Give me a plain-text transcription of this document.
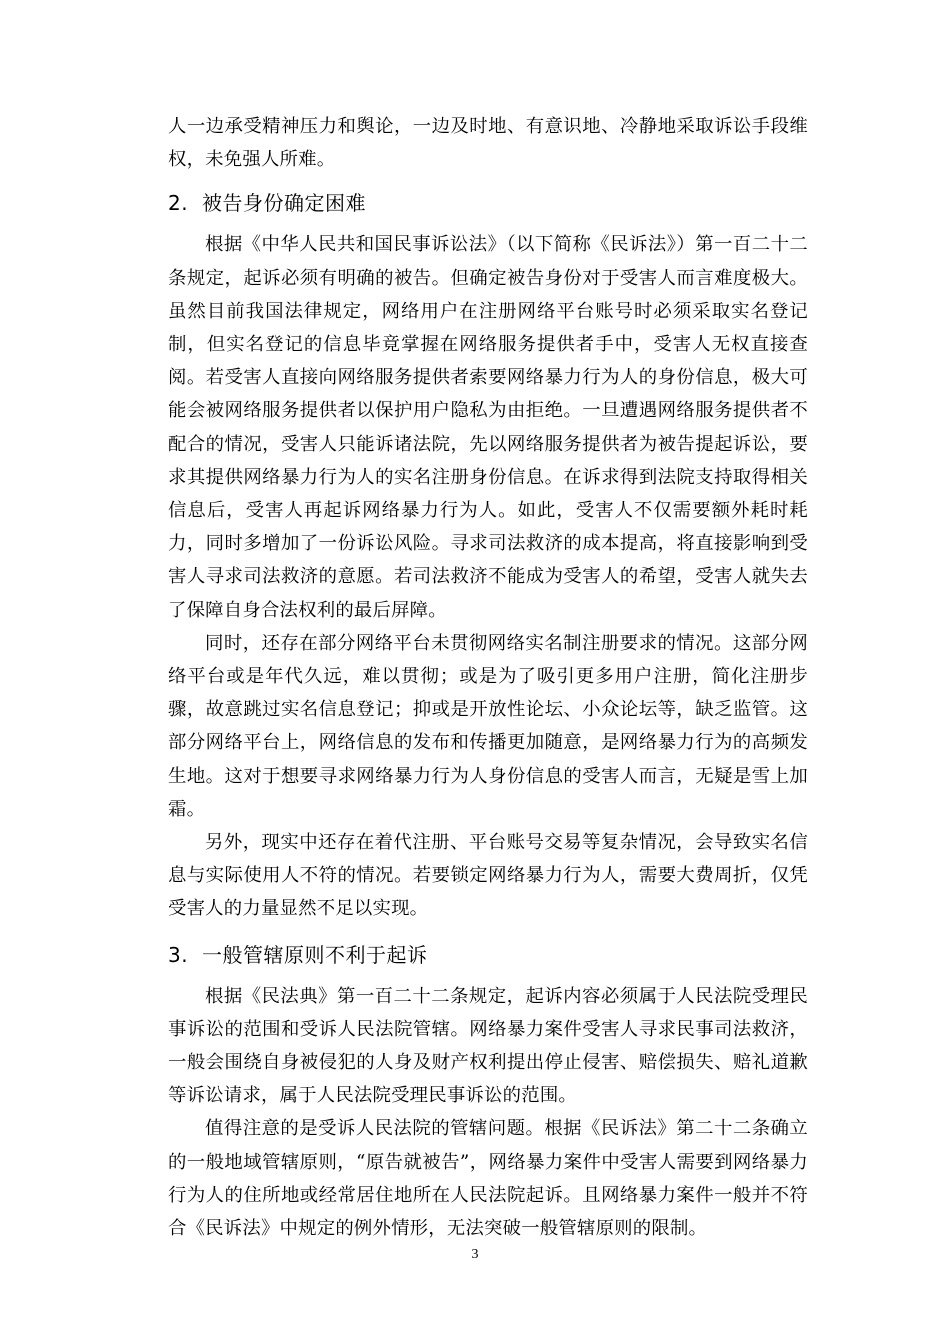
人一边承受精神压力和舆论，一边及时地、有意识地、冷静地采取诉讼手段维权，未免强人所难。

2. 被告身份确定困难

根据《中华人民共和国民事诉讼法》（以下简称《民诉法》）第一百二十二条规定，起诉必须有明确的被告。但确定被告身份对于受害人而言难度极大。虽然目前我国法律规定，网络用户在注册网络平台账号时必须采取实名登记制，但实名登记的信息毕竟掌握在网络服务提供者手中，受害人无权直接查阅。若受害人直接向网络服务提供者索要网络暴力行为人的身份信息，极大可能会被网络服务提供者以保护用户隐私为由拒绝。一旦遭遇网络服务提供者不配合的情况，受害人只能诉诸法院，先以网络服务提供者为被告提起诉讼，要求其提供网络暴力行为人的实名注册身份信息。在诉求得到法院支持取得相关信息后，受害人再起诉网络暴力行为人。如此，受害人不仅需要额外耗时耗力，同时多增加了一份诉讼风险。寻求司法救济的成本提高，将直接影响到受害人寻求司法救济的意愿。若司法救济不能成为受害人的希望，受害人就失去了保障自身合法权利的最后屏障。

同时，还存在部分网络平台未贯彻网络实名制注册要求的情况。这部分网络平台或是年代久远，难以贯彻；或是为了吸引更多用户注册，简化注册步骤，故意跳过实名信息登记；抑或是开放性论坛、小众论坛等，缺乏监管。这部分网络平台上，网络信息的发布和传播更加随意，是网络暴力行为的高频发生地。这对于想要寻求网络暴力行为人身份信息的受害人而言，无疑是雪上加霜。

另外，现实中还存在着代注册、平台账号交易等复杂情况，会导致实名信息与实际使用人不符的情况。若要锁定网络暴力行为人，需要大费周折，仅凭受害人的力量显然不足以实现。

3. 一般管辖原则不利于起诉

根据《民法典》第一百二十二条规定，起诉内容必须属于人民法院受理民事诉讼的范围和受诉人民法院管辖。网络暴力案件受害人寻求民事司法救济，一般会围绕自身被侵犯的人身及财产权利提出停止侵害、赔偿损失、赔礼道歉等诉讼请求，属于人民法院受理民事诉讼的范围。

值得注意的是受诉人民法院的管辖问题。根据《民诉法》第二十二条确立的一般地域管辖原则，“原告就被告”，网络暴力案件中受害人需要到网络暴力行为人的住所地或经常居住地所在人民法院起诉。且网络暴力案件一般并不符合《民诉法》中规定的例外情形，无法突破一般管辖原则的限制。

3
